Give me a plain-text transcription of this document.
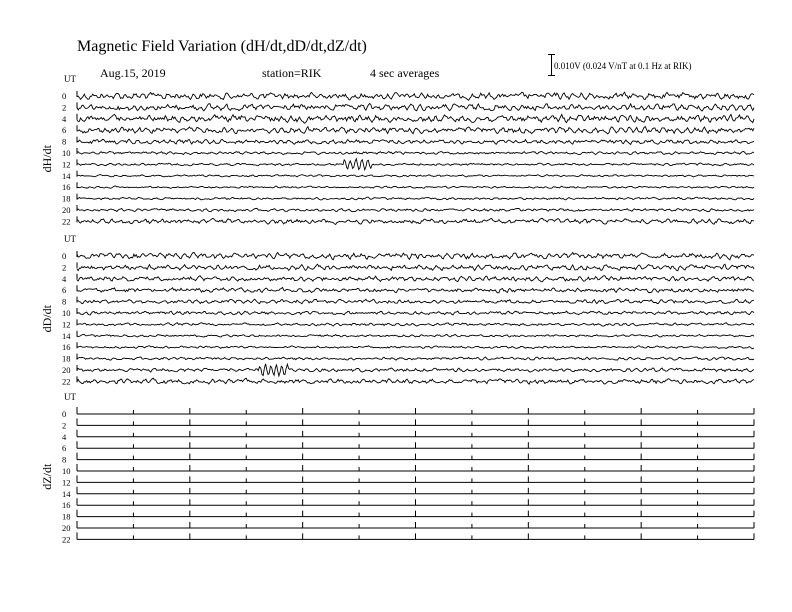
Magnetic Field Variation (dH/dt,dD/dt,dZ/dt)
Aug.15, 2019	station=RIK	4 sec averages	0.010V (0.024 V/nT at 0.1 Hz at RIK)
UT
dH/dt
0
2
4
6
8
10
12
14
16
18
20
22
UT
dD/dt
0
2
4
6
8
10
12
14
16
18
20
22
UT
dZ/dt
0
2
4
6
8
10
12
14
16
18
20
22
